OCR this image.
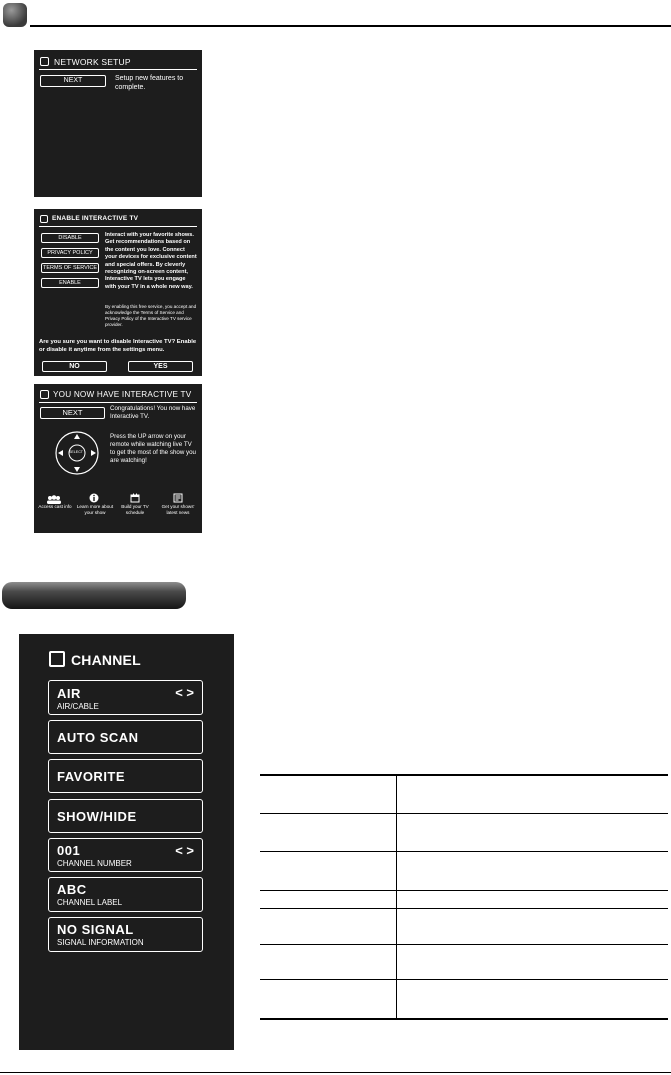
NETWORK SETUP
NEXT	Setup new features to complete.
ENABLE INTERACTIVE TV
DISABLE
PRIVACY POLICY
TERMS OF SERVICE
ENABLE
Interact with your favorite shows. Get recommendations based on the content you love. Connect your devices for exclusive content and special offers. By cleverly recognizing on-screen content, Interactive TV lets you engage with your TV in a whole new way.
By enabling this free service, you accept and acknowledge the Terms of Service and Privacy Policy of the Interactive TV service provider.
Are you sure you want to disable Interactive TV? Enable or disable it anytime from the settings menu.
NO	YES
YOU NOW HAVE INTERACTIVE TV
NEXT	Congratulations! You now have Interactive TV.
Press the UP arrow on your remote while watching live TV to get the most of the show you are watching!
SELECT
Access cast info	Learn more about your show
Build your TV schedule
Get your shows' latest news
CHANNEL
AIR	< >
AIR/CABLE
AUTO SCAN
FAVORITE
SHOW/HIDE
001	< >
CHANNEL NUMBER
ABC
CHANNEL LABEL
NO SIGNAL
SIGNAL INFORMATION
